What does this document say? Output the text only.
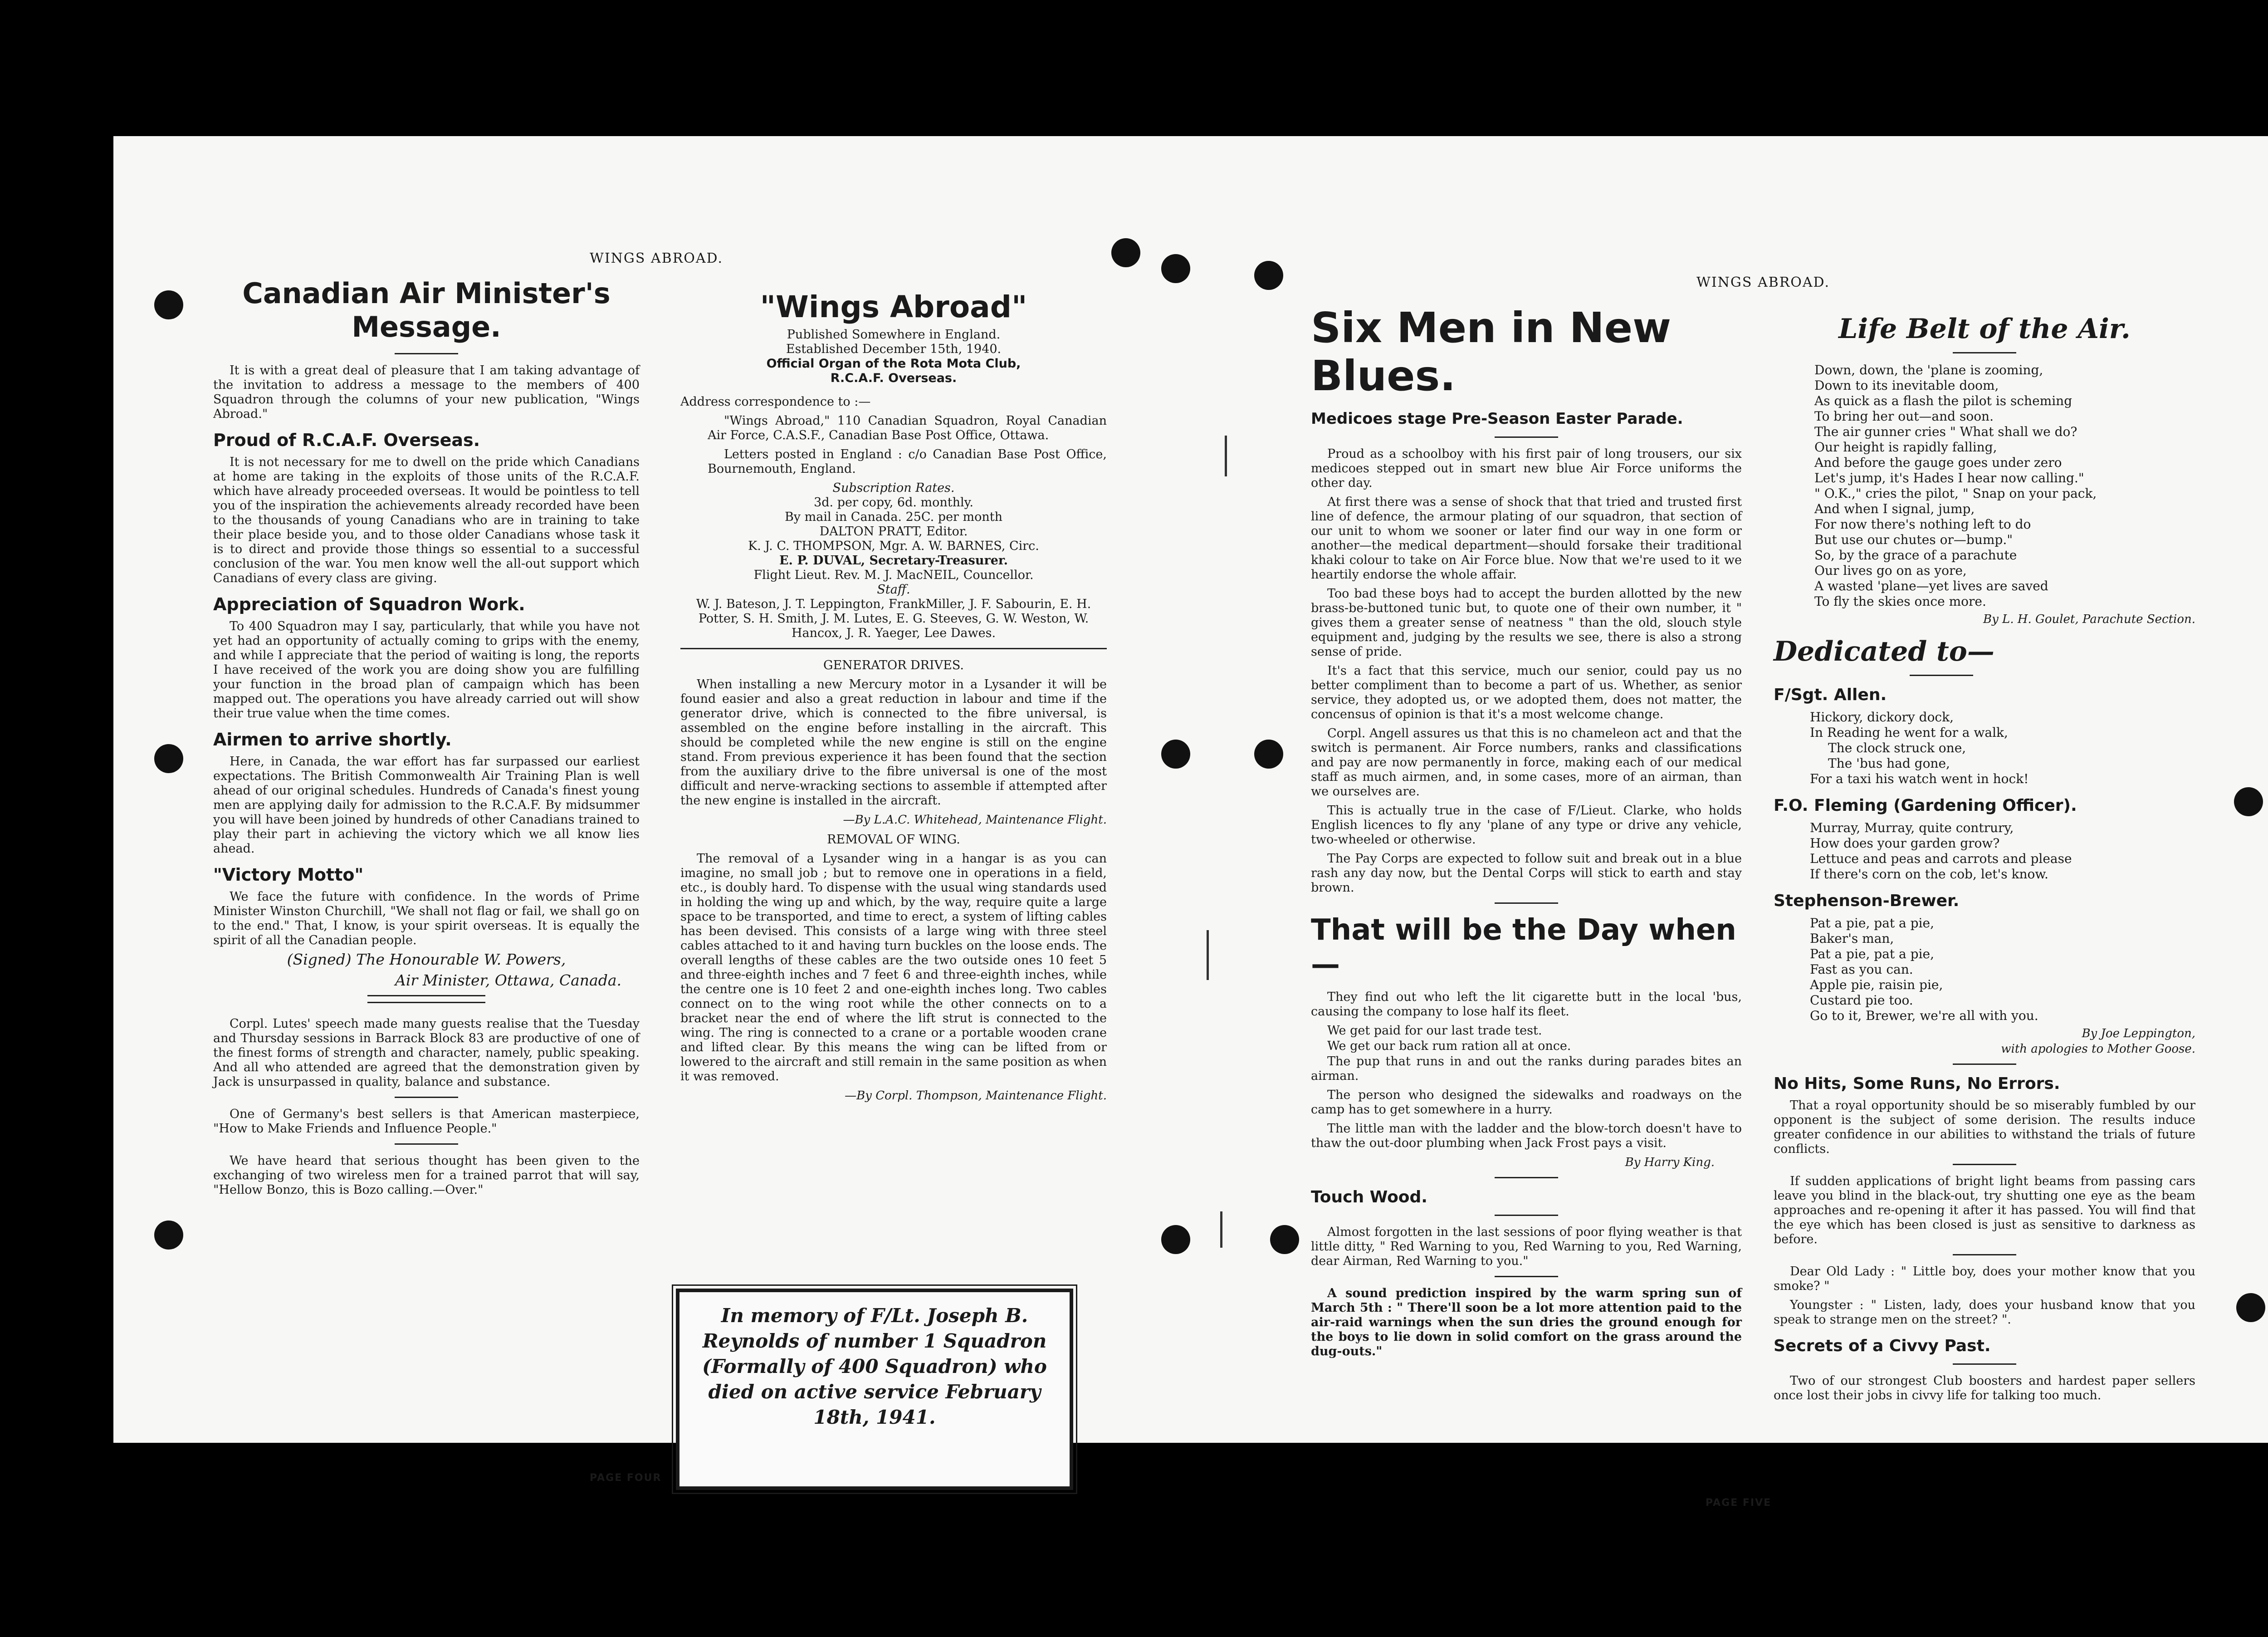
WINGS ABROAD.
Canadian Air Minister's Message.

It is with a great deal of pleasure that I am taking advantage of the invitation to address a message to the members of 400 Squadron through the columns of your new publication, "Wings Abroad."

Proud of R.C.A.F. Overseas.

It is not necessary for me to dwell on the pride which Canadians at home are taking in the exploits of those units of the R.C.A.F. which have already proceeded overseas. It would be pointless to tell you of the inspiration the achievements already recorded have been to the thousands of young Canadians who are in training to take their place beside you, and to those older Canadians whose task it is to direct and provide those things so essential to a successful conclusion of the war. You men know well the all-out support which Canadians of every class are giving.

Appreciation of Squadron Work.

To 400 Squadron may I say, particularly, that while you have not yet had an opportunity of actually coming to grips with the enemy, and while I appreciate that the period of waiting is long, the reports I have received of the work you are doing show you are fulfilling your function in the broad plan of campaign which has been mapped out. The operations you have already carried out will show their true value when the time comes.

Airmen to arrive shortly.

Here, in Canada, the war effort has far surpassed our earliest expectations. The British Commonwealth Air Training Plan is well ahead of our original schedules. Hundreds of Canada's finest young men are applying daily for admission to the R.C.A.F. By midsummer you will have been joined by hundreds of other Canadians trained to play their part in achieving the victory which we all know lies ahead.

"Victory Motto"

We face the future with confidence. In the words of Prime Minister Winston Churchill, "We shall not flag or fail, we shall go on to the end." That, I know, is your spirit overseas. It is equally the spirit of all the Canadian people.

(Signed) The Honourable W. Powers,
Air Minister, Ottawa, Canada.

Corpl. Lutes' speech made many guests realise that the Tuesday and Thursday sessions in Barrack Block 83 are productive of one of the finest forms of strength and character, namely, public speaking. And all who attended are agreed that the demonstration given by Jack is unsurpassed in quality, balance and substance.

One of Germany's best sellers is that American masterpiece, "How to Make Friends and Influence People."

We have heard that serious thought has been given to the exchanging of two wireless men for a trained parrot that will say, "Hellow Bonzo, this is Bozo calling.—Over."

"Wings Abroad"
Published Somewhere in England.
Established December 15th, 1940.
Official Organ of the Rota Mota Club,
R.C.A.F. Overseas.

Address correspondence to :—

"Wings Abroad," 110 Canadian Squadron, Royal Canadian Air Force, C.A.S.F., Canadian Base Post Office, Ottawa.

Letters posted in England : c/o Canadian Base Post Office, Bournemouth, England.

Subscription Rates.
3d. per copy, 6d. monthly.
By mail in Canada. 25C. per month
DALTON PRATT, Editor.
K. J. C. THOMPSON, Mgr. A. W. BARNES, Circ.
E. P. DUVAL, Secretary-Treasurer.
Flight Lieut. Rev. M. J. MacNEIL, Councellor.
Staff.

W. J. Bateson, J. T. Leppington, FrankMiller, J. F. Sabourin, E. H. Potter, S. H. Smith, J. M. Lutes, E. G. Steeves, G. W. Weston, W. Hancox, J. R. Yaeger, Lee Dawes.

GENERATOR DRIVES.

When installing a new Mercury motor in a Lysander it will be found easier and also a great reduction in labour and time if the generator drive, which is connected to the fibre universal, is assembled on the engine before installing in the aircraft. This should be completed while the new engine is still on the engine stand. From previous experience it has been found that the section from the auxiliary drive to the fibre universal is one of the most difficult and nerve-wracking sections to assemble if attempted after the new engine is installed in the aircraft.

—By L.A.C. Whitehead, Maintenance Flight.
REMOVAL OF WING.

The removal of a Lysander wing in a hangar is as you can imagine, no small job ; but to remove one in operations in a field, etc., is doubly hard. To dispense with the usual wing standards used in holding the wing up and which, by the way, require quite a large space to be transported, and time to erect, a system of lifting cables has been devised. This consists of a large wing with three steel cables attached to it and having turn buckles on the loose ends. The overall lengths of these cables are the two outside ones 10 feet 5 and three-eighth inches and 7 feet 6 and three-eighth inches, while the centre one is 10 feet 2 and one-eighth inches long. Two cables connect on to the wing root while the other connects on to a bracket near the end of where the lift strut is connected to the wing. The ring is connected to a crane or a portable wooden crane and lifted clear. By this means the wing can be lifted from or lowered to the aircraft and still remain in the same position as when it was removed.

—By Corpl. Thompson, Maintenance Flight.
In memory of F/Lt. Joseph B. Reynolds of number 1 Squadron (Formally of 400 Squadron) who died on active service February 18th, 1941.
PAGE FOUR
WINGS ABROAD.
Six Men in New Blues.
Medicoes stage Pre-Season Easter Parade.

Proud as a schoolboy with his first pair of long trousers, our six medicoes stepped out in smart new blue Air Force uniforms the other day.

At first there was a sense of shock that that tried and trusted first line of defence, the armour plating of our squadron, that section of our unit to whom we sooner or later find our way in one form or another—the medical department—should forsake their traditional khaki colour to take on Air Force blue. Now that we're used to it we heartily endorse the whole affair.

Too bad these boys had to accept the burden allotted by the new brass-be-buttoned tunic but, to quote one of their own number, it " gives them a greater sense of neatness " than the old, slouch style equipment and, judging by the results we see, there is also a strong sense of pride.

It's a fact that this service, much our senior, could pay us no better compliment than to become a part of us. Whether, as senior service, they adopted us, or we adopted them, does not matter, the concensus of opinion is that it's a most welcome change.

Corpl. Angell assures us that this is no chameleon act and that the switch is permanent. Air Force numbers, ranks and classifications and pay are now permanently in force, making each of our medical staff as much airmen, and, in some cases, more of an airman, than we ourselves are.

This is actually true in the case of F/Lieut. Clarke, who holds English licences to fly any 'plane of any type or drive any vehicle, two-wheeled or otherwise.

The Pay Corps are expected to follow suit and break out in a blue rash any day now, but the Dental Corps will stick to earth and stay brown.

That will be the Day when—

They find out who left the lit cigarette butt in the local 'bus, causing the company to lose half its fleet.

We get paid for our last trade test.

We get our back rum ration all at once.

The pup that runs in and out the ranks during parades bites an airman.

The person who designed the sidewalks and roadways on the camp has to get somewhere in a hurry.

The little man with the ladder and the blow-torch doesn't have to thaw the out-door plumbing when Jack Frost pays a visit.

By Harry King.
Touch Wood.

Almost forgotten in the last sessions of poor flying weather is that little ditty, " Red Warning to you, Red Warning to you, Red Warning, dear Airman, Red Warning to you."

A sound prediction inspired by the warm spring sun of March 5th : " There'll soon be a lot more attention paid to the air-raid warnings when the sun dries the ground enough for the boys to lie down in solid comfort on the grass around the dug-outs."

Life Belt of the Air.
Down, down, the 'plane is zooming,
Down to its inevitable doom,
As quick as a flash the pilot is scheming
To bring her out—and soon.
The air gunner cries " What shall we do?
Our height is rapidly falling,
And before the gauge goes under zero
Let's jump, it's Hades I hear now calling."
" O.K.," cries the pilot, " Snap on your pack,
And when I signal, jump,
For now there's nothing left to do
But use our chutes or—bump."
So, by the grace of a parachute
Our lives go on as yore,
A wasted 'plane—yet lives are saved
To fly the skies once more.
By L. H. Goulet, Parachute Section.
Dedicated to—
F/Sgt. Allen.
Hickory, dickory dock,
In Reading he went for a walk,
The clock struck one,
The 'bus had gone,
For a taxi his watch went in hock!
F.O. Fleming (Gardening Officer).
Murray, Murray, quite contrury,
How does your garden grow?
Lettuce and peas and carrots and please
If there's corn on the cob, let's know.
Stephenson-Brewer.
Pat a pie, pat a pie,
Baker's man,
Pat a pie, pat a pie,
Fast as you can.
Apple pie, raisin pie,
Custard pie too.
Go to it, Brewer, we're all with you.
By Joe Leppington,
with apologies to Mother Goose.
No Hits, Some Runs, No Errors.

That a royal opportunity should be so miserably fumbled by our opponent is the subject of some derision. The results induce greater confidence in our abilities to withstand the trials of future conflicts.

If sudden applications of bright light beams from passing cars leave you blind in the black-out, try shutting one eye as the beam approaches and re-opening it after it has passed. You will find that the eye which has been closed is just as sensitive to darkness as before.

Dear Old Lady : " Little boy, does your mother know that you smoke? "

Youngster : " Listen, lady, does your husband know that you speak to strange men on the street? ".

Secrets of a Civvy Past.

Two of our strongest Club boosters and hardest paper sellers once lost their jobs in civvy life for talking too much.

PAGE FIVE
